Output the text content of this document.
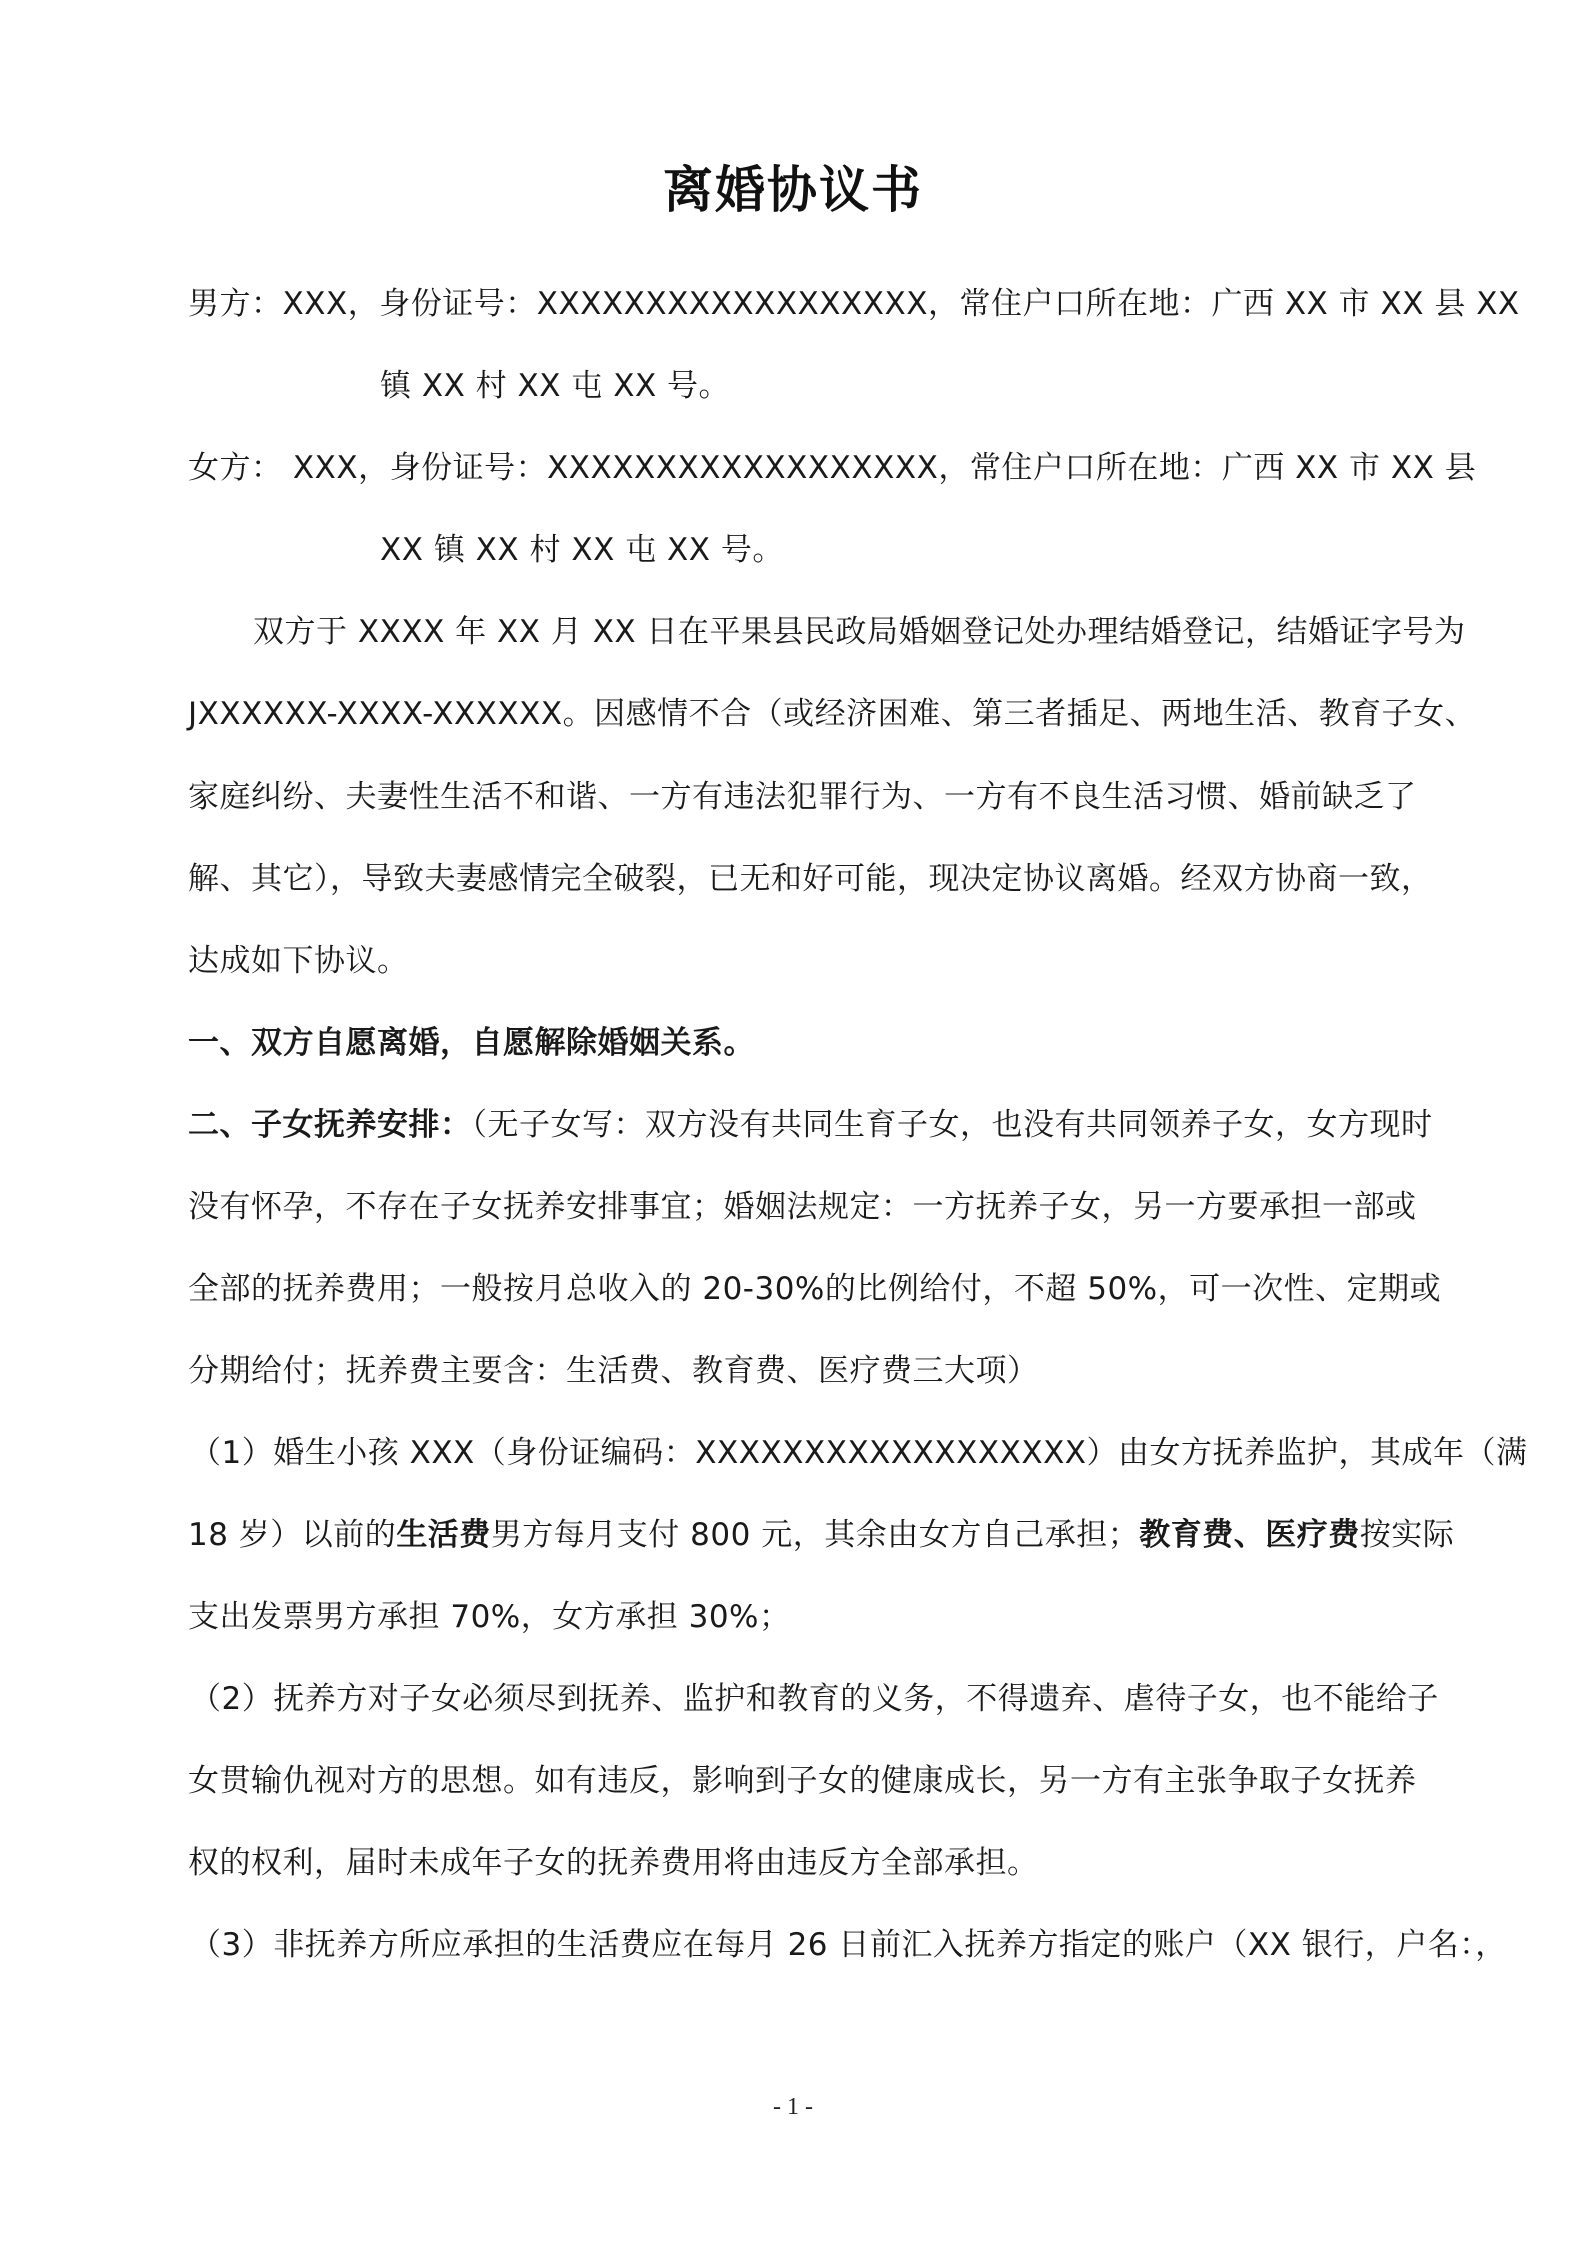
离婚协议书
男方：XXX，身份证号：XXXXXXXXXXXXXXXXXX，常住户口所在地：广西 XX 市 XX 县 XX
镇 XX 村 XX 屯 XX 号。
女方： XXX，身份证号：XXXXXXXXXXXXXXXXXX，常住户口所在地：广西 XX 市 XX 县
XX 镇 XX 村 XX 屯 XX 号。
双方于 XXXX 年 XX 月 XX 日在平果县民政局婚姻登记处办理结婚登记，结婚证字号为
JXXXXXX-XXXX-XXXXXX。因感情不合（或经济困难、第三者插足、两地生活、教育子女、
家庭纠纷、夫妻性生活不和谐、一方有违法犯罪行为、一方有不良生活习惯、婚前缺乏了
解、其它），导致夫妻感情完全破裂，已无和好可能，现决定协议离婚。经双方协商一致，
达成如下协议。
一、双方自愿离婚，自愿解除婚姻关系。
二、子女抚养安排：（无子女写：双方没有共同生育子女，也没有共同领养子女，女方现时
没有怀孕，不存在子女抚养安排事宜；婚姻法规定：一方抚养子女，另一方要承担一部或
全部的抚养费用；一般按月总收入的 20-30%的比例给付，不超 50%，可一次性、定期或
分期给付；抚养费主要含：生活费、教育费、医疗费三大项）
（1）婚生小孩 XXX（身份证编码：XXXXXXXXXXXXXXXXXX）由女方抚养监护，其成年（满
18 岁）以前的生活费男方每月支付 800 元，其余由女方自己承担；教育费、医疗费按实际
支出发票男方承担 70%，女方承担 30%；
（2）抚养方对子女必须尽到抚养、监护和教育的义务，不得遗弃、虐待子女，也不能给子
女贯输仇视对方的思想。如有违反，影响到子女的健康成长，另一方有主张争取子女抚养
权的权利，届时未成年子女的抚养费用将由违反方全部承担。
（3）非抚养方所应承担的生活费应在每月 26 日前汇入抚养方指定的账户（XX 银行，户名：，
- 1 -
